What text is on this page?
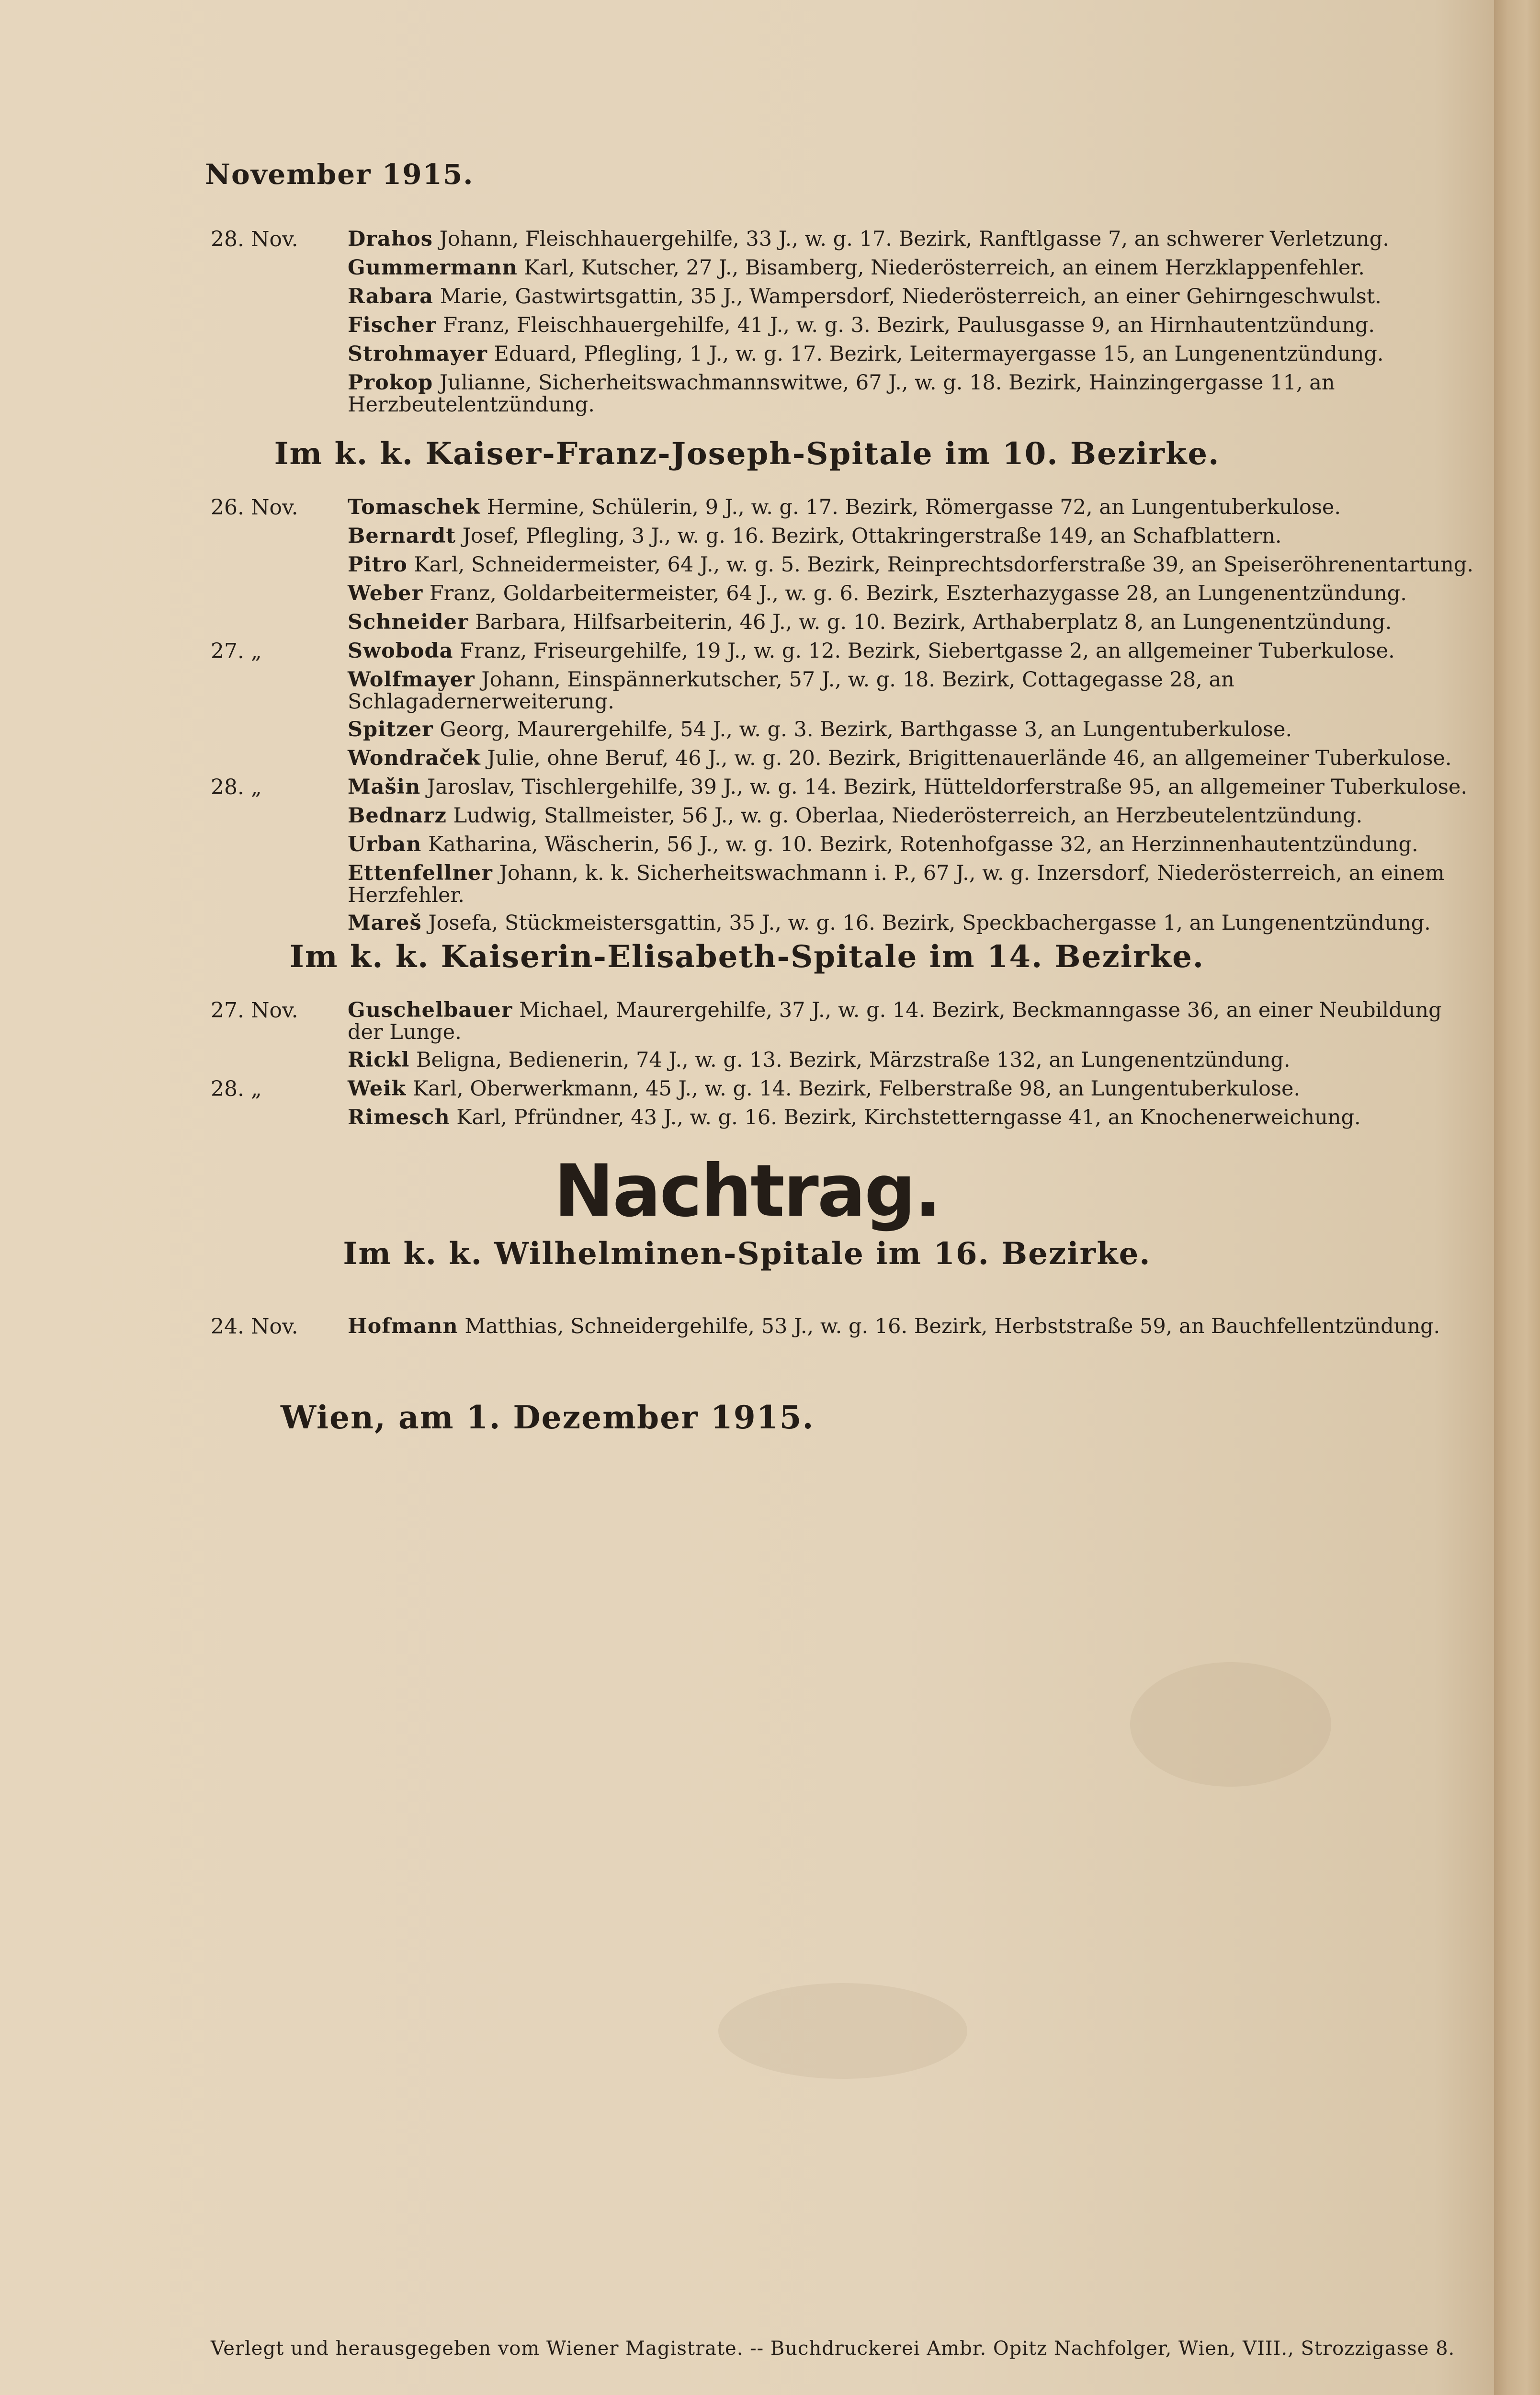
November 1915.
28. Nov. Drahos Johann, Fleischhauergehilfe, 33 J., w. g. 17. Bezirk, Ranftlgasse 7, an schwerer Verletzung.
Gummermann Karl, Kutscher, 27 J., Bisamberg, Niederösterreich, an einem Herzklappenfehler.
Rabara Marie, Gastwirtsgattin, 35 J., Wampersdorf, Niederösterreich, an einer Gehirngeschwulst.
Fischer Franz, Fleischhauergehilfe, 41 J., w. g. 3. Bezirk, Paulusgasse 9, an Hirnhautentzündung.
Strohmayer Eduard, Pflegling, 1 J., w. g. 17. Bezirk, Leitermayergasse 15, an Lungenentzündung.
Prokop Julianne, Sicherheitswachmannswitwe, 67 J., w. g. 18. Bezirk, Hainzingergasse 11, an Herzbeutelentzündung.
Im k. k. Kaiser-Franz-Joseph-Spitale im 10. Bezirke.
26. Nov. Tomaschek Hermine, Schülerin, 9 J., w. g. 17. Bezirk, Römergasse 72, an Lungentuberkulose.
Bernardt Josef, Pflegling, 3 J., w. g. 16. Bezirk, Ottakringerstraße 149, an Schafblattern.
Pitro Karl, Schneidermeister, 64 J., w. g. 5. Bezirk, Reinprechtsdorferstraße 39, an Speiseröhrenentartung.
Weber Franz, Goldarbeitermeister, 64 J., w. g. 6. Bezirk, Eszterhazygasse 28, an Lungenentzündung.
Schneider Barbara, Hilfsarbeiterin, 46 J., w. g. 10. Bezirk, Arthaberplatz 8, an Lungenentzündung.
27. „	Swoboda Franz, Friseurgehilfe, 19 J., w. g. 12. Bezirk, Siebertgasse 2, an allgemeiner Tuberkulose.
Wolfmayer Johann, Einspännerkutscher, 57 J., w. g. 18. Bezirk, Cottagegasse 28, an Schlagadernerweiterung.
Spitzer Georg, Maurergehilfe, 54 J., w. g. 3. Bezirk, Barthgasse 3, an Lungentuberkulose.
Wondraček Julie, ohne Beruf, 46 J., w. g. 20. Bezirk, Brigittenauerlände 46, an allgemeiner Tuberkulose.
28. „	Mašin Jaroslav, Tischlergehilfe, 39 J., w. g. 14. Bezirk, Hütteldorferstraße 95, an allgemeiner Tuberkulose.
Bednarz Ludwig, Stallmeister, 56 J., w. g. Oberlaa, Niederösterreich, an Herzbeutelentzündung.
Urban Katharina, Wäscherin, 56 J., w. g. 10. Bezirk, Rotenhofgasse 32, an Herzinnenhautentzündung.
Ettenfellner Johann, k. k. Sicherheitswachmann i. P., 67 J., w. g. Inzersdorf, Niederösterreich, an einem Herzfehler.
Mareš Josefa, Stückmeistersgattin, 35 J., w. g. 16. Bezirk, Speckbachergasse 1, an Lungenentzündung.
Im k. k. Kaiserin-Elisabeth-Spitale im 14. Bezirke.
27. Nov. Guschelbauer Michael, Maurergehilfe, 37 J., w. g. 14. Bezirk, Beckmanngasse 36, an einer Neubildung der Lunge.
Rickl Beligna, Bedienerin, 74 J., w. g. 13. Bezirk, Märzstraße 132, an Lungenentzündung.
28. „	Weik Karl, Oberwerkmann, 45 J., w. g. 14. Bezirk, Felberstraße 98, an Lungentuberkulose.
Rimesch Karl, Pfründner, 43 J., w. g. 16. Bezirk, Kirchstetterngasse 41, an Knochenerweichung.
Nachtrag.
Im k. k. Wilhelminen-Spitale im 16. Bezirke.
24. Nov. Hofmann Matthias, Schneidergehilfe, 53 J., w. g. 16. Bezirk, Herbststraße 59, an Bauchfellentzündung.
Wien, am 1. Dezember 1915.
Verlegt und herausgegeben vom Wiener Magistrate. -- Buchdruckerei Ambr. Opitz Nachfolger, Wien, VIII., Strozzigasse 8.
